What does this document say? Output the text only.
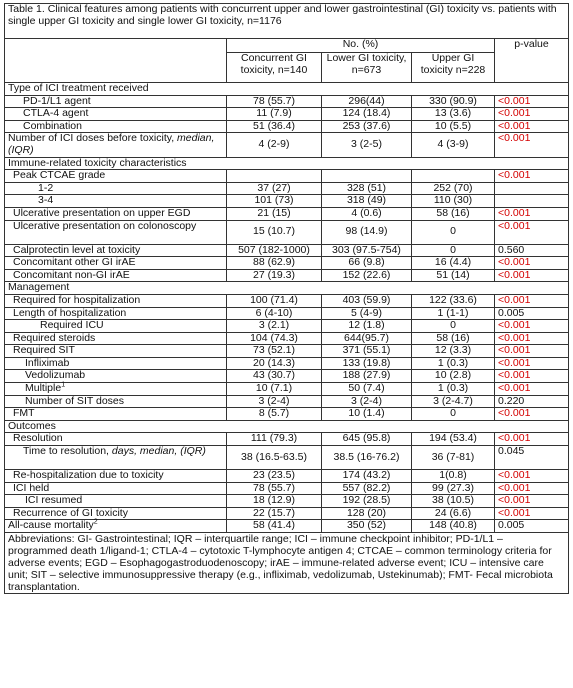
Table 1. Clinical features among patients with concurrent upper and lower gastrointestinal (GI) toxicity vs. patients with single upper GI toxicity and single lower GI toxicity, n=1176				
	No. (%)			p-value
	Concurrent GI toxicity, n=140	Lower GI toxicity, n=673	Upper GI toxicity n=228	
Type of ICI treatment received				
PD-1/L1 agent	78 (55.7)	296(44)	330 (90.9)	<0.001
CTLA-4 agent	11 (7.9)	124 (18.4)	13 (3.6)	<0.001
Combination	51 (36.4)	253 (37.6)	10 (5.5)	<0.001
Number of ICI doses before toxicity, median, (IQR)	4 (2-9)	3 (2-5)	4 (3-9)	<0.001
Immune-related toxicity characteristics				
Peak CTCAE grade				<0.001
1-2	37 (27)	328 (51)	252 (70)	
3-4	101 (73)	318 (49)	110 (30)	
Ulcerative presentation on upper EGD	21 (15)	4 (0.6)	58 (16)	<0.001
Ulcerative presentation on colonoscopy	15 (10.7)	98 (14.9)	0	<0.001
Calprotectin level at toxicity	507 (182-1000)	303 (97.5-754)	0	0.560
Concomitant other GI irAE	88 (62.9)	66 (9.8)	16 (4.4)	<0.001
Concomitant non-GI irAE	27 (19.3)	152 (22.6)	51 (14)	<0.001
Management				
Required for hospitalization	100 (71.4)	403 (59.9)	122 (33.6)	<0.001
Length of hospitalization	6 (4-10)	5 (4-9)	1 (1-1)	0.005
Required ICU	3 (2.1)	12 (1.8)	0	<0.001
Required steroids	104 (74.3)	644(95.7)	58 (16)	<0.001
Required SIT	73 (52.1)	371 (55.1)	12 (3.3)	<0.001
Infliximab	20 (14.3)	133 (19.8)	1 (0.3)	<0.001
Vedolizumab	43 (30.7)	188 (27.9)	10 (2.8)	<0.001
Multiple$^1$	10 (7.1)	50 (7.4)	1 (0.3)	<0.001
Number of SIT doses	3 (2-4)	3 (2-4)	3 (2-4.7)	0.220
FMT	8 (5.7)	10 (1.4)	0	<0.001
Outcomes				
Resolution	111 (79.3)	645 (95.8)	194 (53.4)	<0.001
Time to resolution, days, median, (IQR)	38 (16.5-63.5)	38.5 (16-76.2)	36 (7-81)	0.045
Re-hospitalization due to toxicity	23 (23.5)	174 (43.2)	1(0.8)	<0.001
ICI held	78 (55.7)	557 (82.2)	99 (27.3)	<0.001
ICI resumed	18 (12.9)	192 (28.5)	38 (10.5)	<0.001
Recurrence of GI toxicity	22 (15.7)	128 (20)	24 (6.6)	<0.001
All-cause mortality$^2$	58 (41.4)	350 (52)	148 (40.8)	0.005
Abbreviations: GI- Gastrointestinal; IQR – interquartile range; ICI – immune checkpoint inhibitor; PD-1/L1 – programmed death 1/ligand-1; CTLA-4 – cytotoxic T-lymphocyte antigen 4; CTCAE – common terminology criteria for adverse events; EGD – Esophagogastroduodenoscopy; irAE – immune-related adverse event; ICU – intensive care unit; SIT – selective immunosuppressive therapy (e.g., infliximab, vedolizumab, Ustekinumab); FMT- Fecal microbiota transplantation.				
